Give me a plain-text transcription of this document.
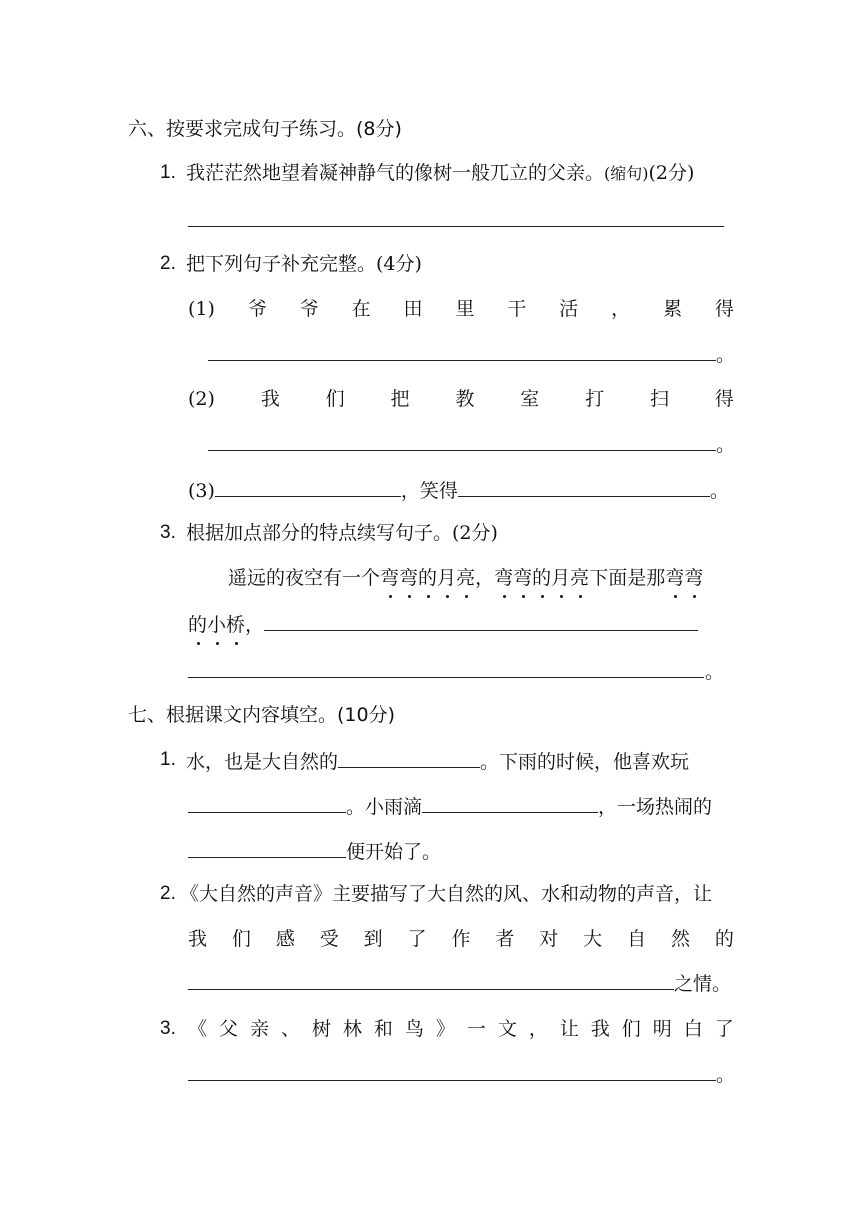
六、按要求完成句子练习。(8分)
1. 我茫茫然地望着凝神静气的像树一般兀立的父亲。(缩句)(2分)
2. 把下列句子补充完整。(4分)
(1) 爷 爷 在 田 里 干 活 ， 累 得
。
(2) 我 们 把 教 室 打 扫 得
。
(3)	，笑得	。
3. 根据加点部分的特点续写句子。(2分)
遥远的夜空有一个弯弯的月亮，弯弯的月亮下面是那弯弯
的小桥，
。
七、根据课文内容填空。(10分)
1. 水，也是大自然的	。下雨的时候，他喜欢玩
。小雨滴	，一场热闹的
便开始了。
2. 《大自然的声音》主要描写了大自然的风、水和动物的声音，让
我 们 感 受 到 了 作 者 对 大 自 然 的
之情。
3. 《 父 亲 、 树 林 和 鸟 》 一 文 ， 让 我 们 明 白 了
。
